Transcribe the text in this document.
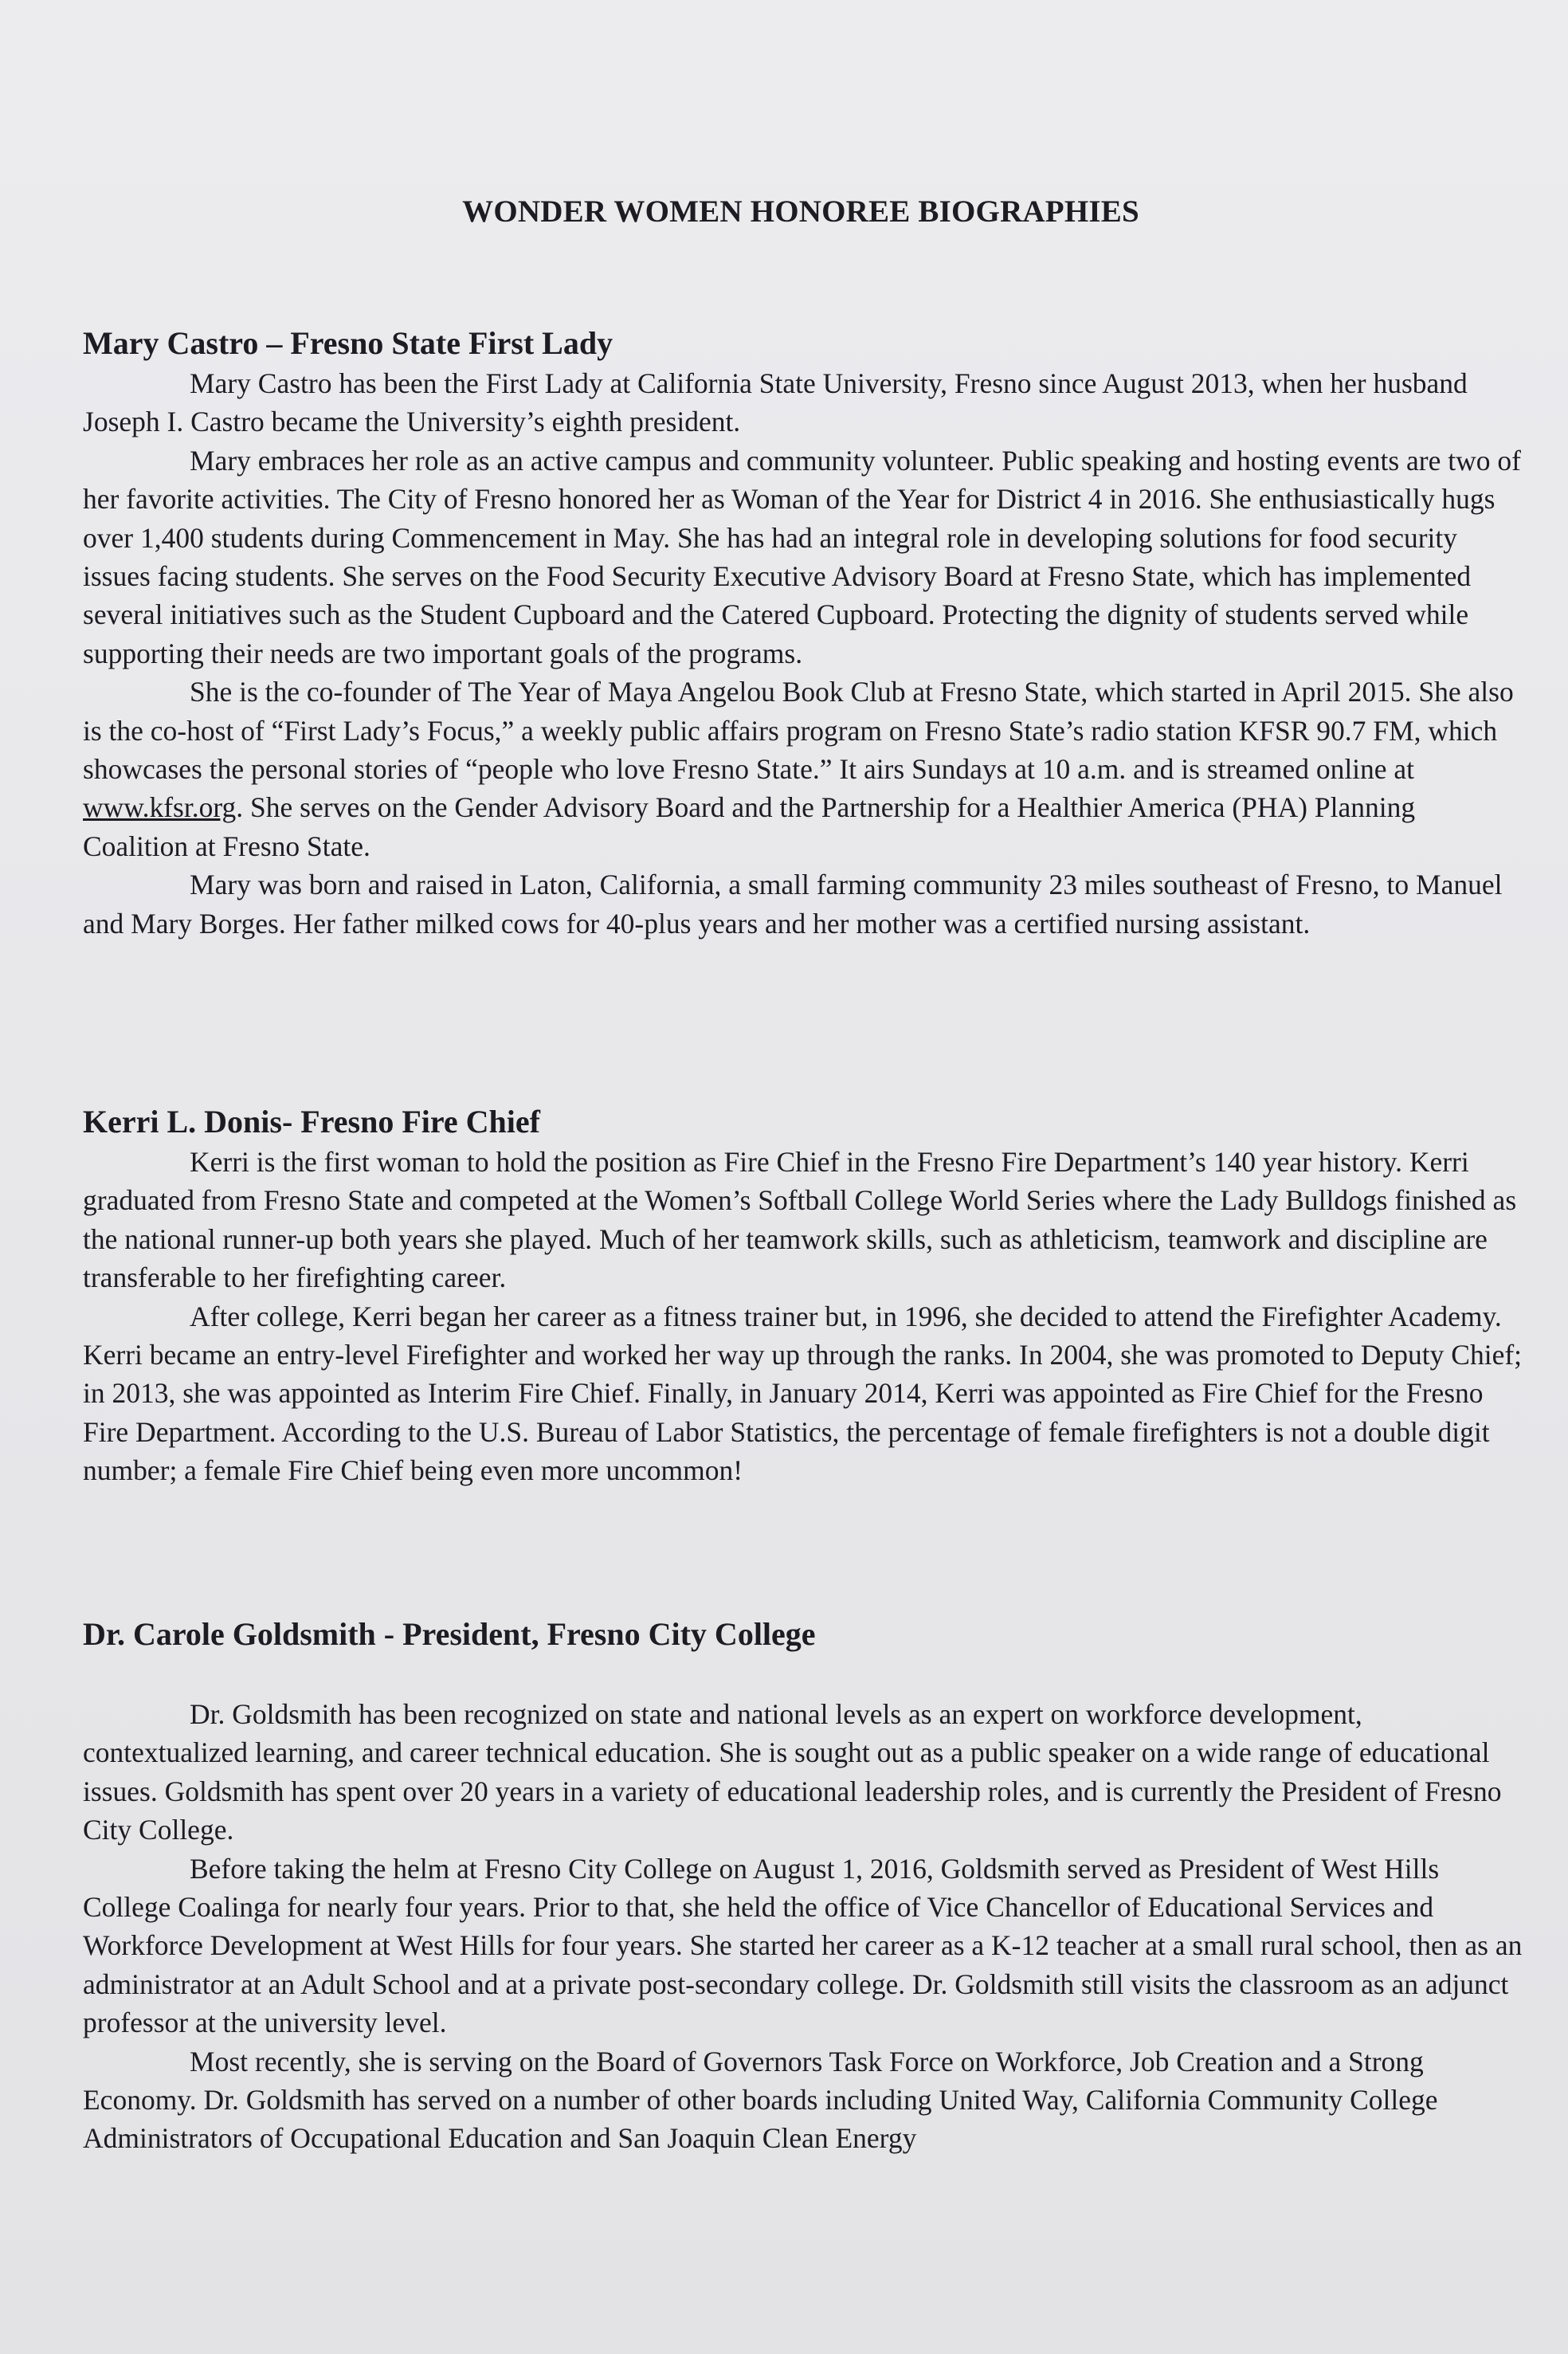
WONDER WOMEN HONOREE BIOGRAPHIES
Mary Castro – Fresno State First Lady

Mary Castro has been the First Lady at California State University, Fresno since August 2013, when her husband Joseph I. Castro became the University’s eighth president.

Mary embraces her role as an active campus and community volunteer. Public speaking and hosting events are two of her favorite activities. The City of Fresno honored her as Woman of the Year for District 4 in 2016. She enthusiastically hugs over 1,400 students during Commencement in May. She has had an integral role in developing solutions for food security issues facing students. She serves on the Food Security Executive Advisory Board at Fresno State, which has implemented several initiatives such as the Student Cupboard and the Catered Cupboard. Protecting the dignity of students served while supporting their needs are two important goals of the programs.

She is the co-founder of The Year of Maya Angelou Book Club at Fresno State, which started in April 2015. She also is the co-host of “First Lady’s Focus,” a weekly public affairs program on Fresno State’s radio station KFSR 90.7 FM, which showcases the personal stories of “people who love Fresno State.” It airs Sundays at 10 a.m. and is streamed online at www.kfsr.org. She serves on the Gender Advisory Board and the Partnership for a Healthier America (PHA) Planning Coalition at Fresno State.

Mary was born and raised in Laton, California, a small farming community 23 miles southeast of Fresno, to Manuel and Mary Borges. Her father milked cows for 40-plus years and her mother was a certified nursing assistant.

Kerri L. Donis- Fresno Fire Chief

Kerri is the first woman to hold the position as Fire Chief in the Fresno Fire Department’s 140 year history. Kerri graduated from Fresno State and competed at the Women’s Softball College World Series where the Lady Bulldogs finished as the national runner-up both years she played. Much of her teamwork skills, such as athleticism, teamwork and discipline are transferable to her firefighting career.

After college, Kerri began her career as a fitness trainer but, in 1996, she decided to attend the Firefighter Academy. Kerri became an entry-level Firefighter and worked her way up through the ranks. In 2004, she was promoted to Deputy Chief; in 2013, she was appointed as Interim Fire Chief. Finally, in January 2014, Kerri was appointed as Fire Chief for the Fresno Fire Department. According to the U.S. Bureau of Labor Statistics, the percentage of female firefighters is not a double digit number; a female Fire Chief being even more uncommon!

Dr. Carole Goldsmith - President, Fresno City College

Dr. Goldsmith has been recognized on state and national levels as an expert on workforce development, contextualized learning, and career technical education. She is sought out as a public speaker on a wide range of educational issues. Goldsmith has spent over 20 years in a variety of educational leadership roles, and is currently the President of Fresno City College.

Before taking the helm at Fresno City College on August 1, 2016, Goldsmith served as President of West Hills College Coalinga for nearly four years. Prior to that, she held the office of Vice Chancellor of Educational Services and Workforce Development at West Hills for four years. She started her career as a K-12 teacher at a small rural school, then as an administrator at an Adult School and at a private post-secondary college. Dr. Goldsmith still visits the classroom as an adjunct professor at the university level.

Most recently, she is serving on the Board of Governors Task Force on Workforce, Job Creation and a Strong Economy. Dr. Goldsmith has served on a number of other boards including United Way, California Community College Administrators of Occupational Education and San Joaquin Clean Energy
